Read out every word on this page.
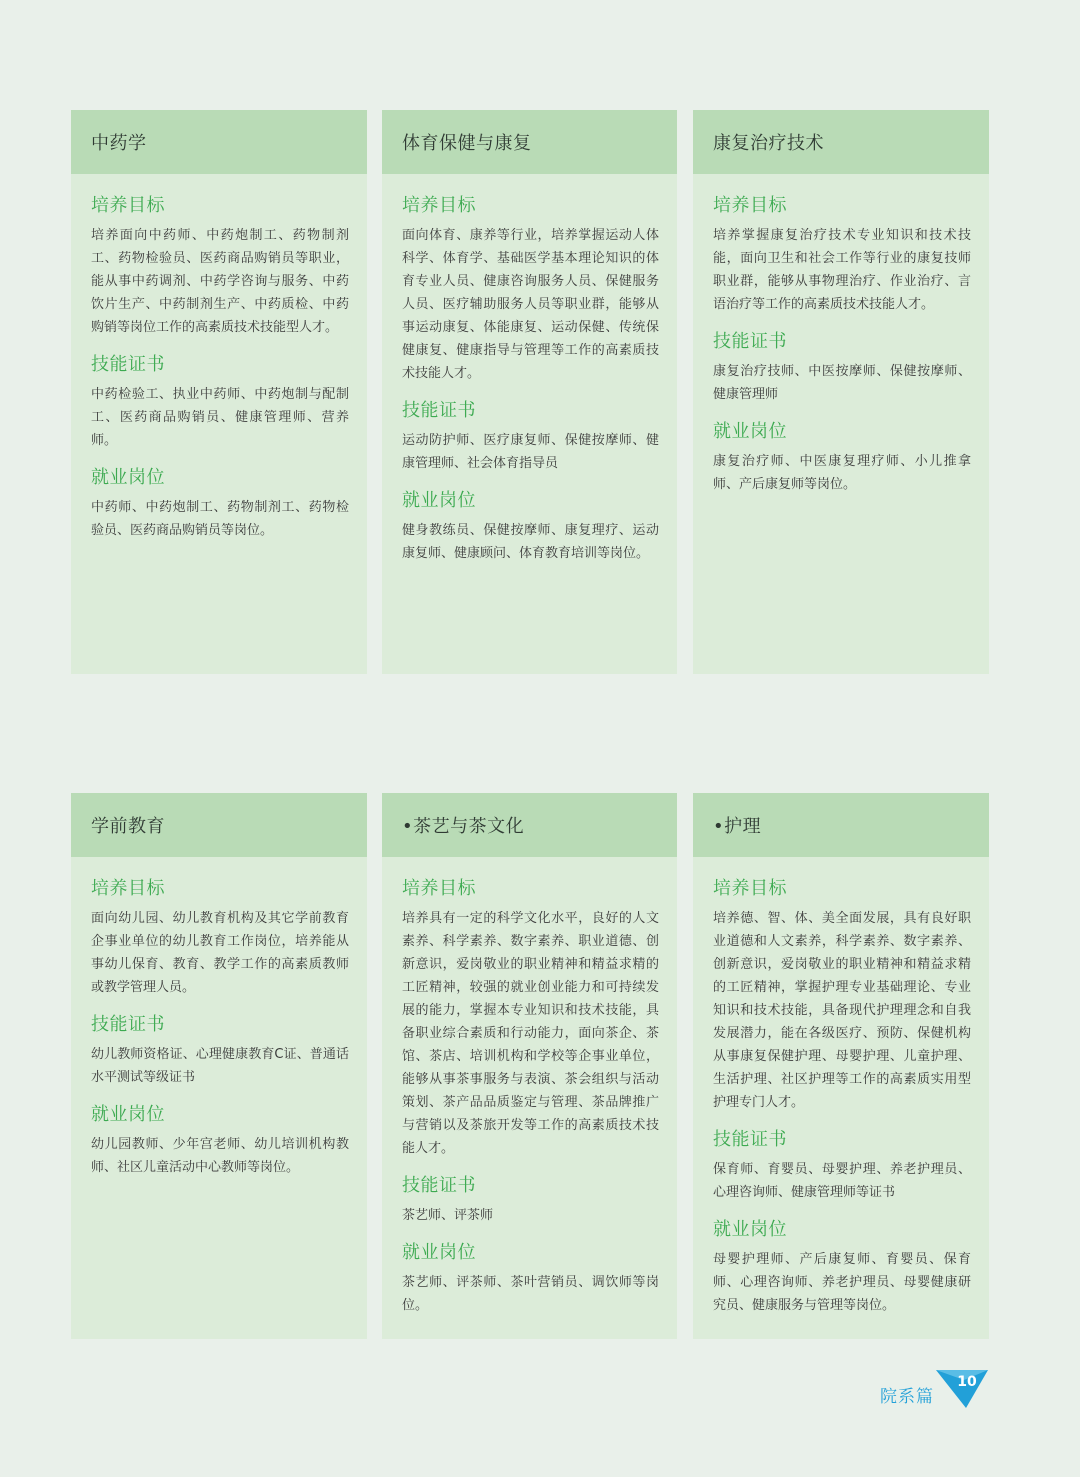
中药学
培养目标
培养面向中药师、中药炮制工、药物制剂工、药物检验员、医药商品购销员等职业，能从事中药调剂、中药学咨询与服务、中药饮片生产、中药制剂生产、中药质检、中药购销等岗位工作的高素质技术技能型人才。
技能证书
中药检验工、执业中药师、中药炮制与配制工、医药商品购销员、健康管理师、营养师。
就业岗位
中药师、中药炮制工、药物制剂工、药物检验员、医药商品购销员等岗位。
体育保健与康复
培养目标
面向体育、康养等行业，培养掌握运动人体科学、体育学、基础医学基本理论知识的体育专业人员、健康咨询服务人员、保健服务人员、医疗辅助服务人员等职业群，能够从事运动康复、体能康复、运动保健、传统保健康复、健康指导与管理等工作的高素质技术技能人才。
技能证书
运动防护师、医疗康复师、保健按摩师、健康管理师、社会体育指导员
就业岗位
健身教练员、保健按摩师、康复理疗、运动康复师、健康顾问、体育教育培训等岗位。
康复治疗技术
培养目标
培养掌握康复治疗技术专业知识和技术技能，面向卫生和社会工作等行业的康复技师职业群，能够从事物理治疗、作业治疗、言语治疗等工作的高素质技术技能人才。
技能证书
康复治疗技师、中医按摩师、保健按摩师、健康管理师
就业岗位
康复治疗师、中医康复理疗师、小儿推拿师、产后康复师等岗位。
学前教育
培养目标
面向幼儿园、幼儿教育机构及其它学前教育企事业单位的幼儿教育工作岗位，培养能从事幼儿保育、教育、教学工作的高素质教师或教学管理人员。
技能证书
幼儿教师资格证、心理健康教育C证、普通话水平测试等级证书
就业岗位
幼儿园教师、少年宫老师、幼儿培训机构教师、社区儿童活动中心教师等岗位。
•茶艺与茶文化
培养目标
培养具有一定的科学文化水平，良好的人文素养、科学素养、数字素养、职业道德、创新意识，爱岗敬业的职业精神和精益求精的工匠精神，较强的就业创业能力和可持续发展的能力，掌握本专业知识和技术技能，具备职业综合素质和行动能力，面向茶企、茶馆、茶店、培训机构和学校等企事业单位，能够从事茶事服务与表演、茶会组织与活动策划、茶产品品质鉴定与管理、茶品牌推广与营销以及茶旅开发等工作的高素质技术技能人才。
技能证书
茶艺师、评茶师
就业岗位
茶艺师、评茶师、茶叶营销员、调饮师等岗位。
•护理
培养目标
培养德、智、体、美全面发展，具有良好职业道德和人文素养，科学素养、数字素养、创新意识，爱岗敬业的职业精神和精益求精的工匠精神，掌握护理专业基础理论、专业知识和技术技能，具备现代护理理念和自我发展潜力，能在各级医疗、预防、保健机构从事康复保健护理、母婴护理、儿童护理、生活护理、社区护理等工作的高素质实用型护理专门人才。
技能证书
保育师、育婴员、母婴护理、养老护理员、心理咨询师、健康管理师等证书
就业岗位
母婴护理师、产后康复师、育婴员、保育师、心理咨询师、养老护理员、母婴健康研究员、健康服务与管理等岗位。
院系篇
10
